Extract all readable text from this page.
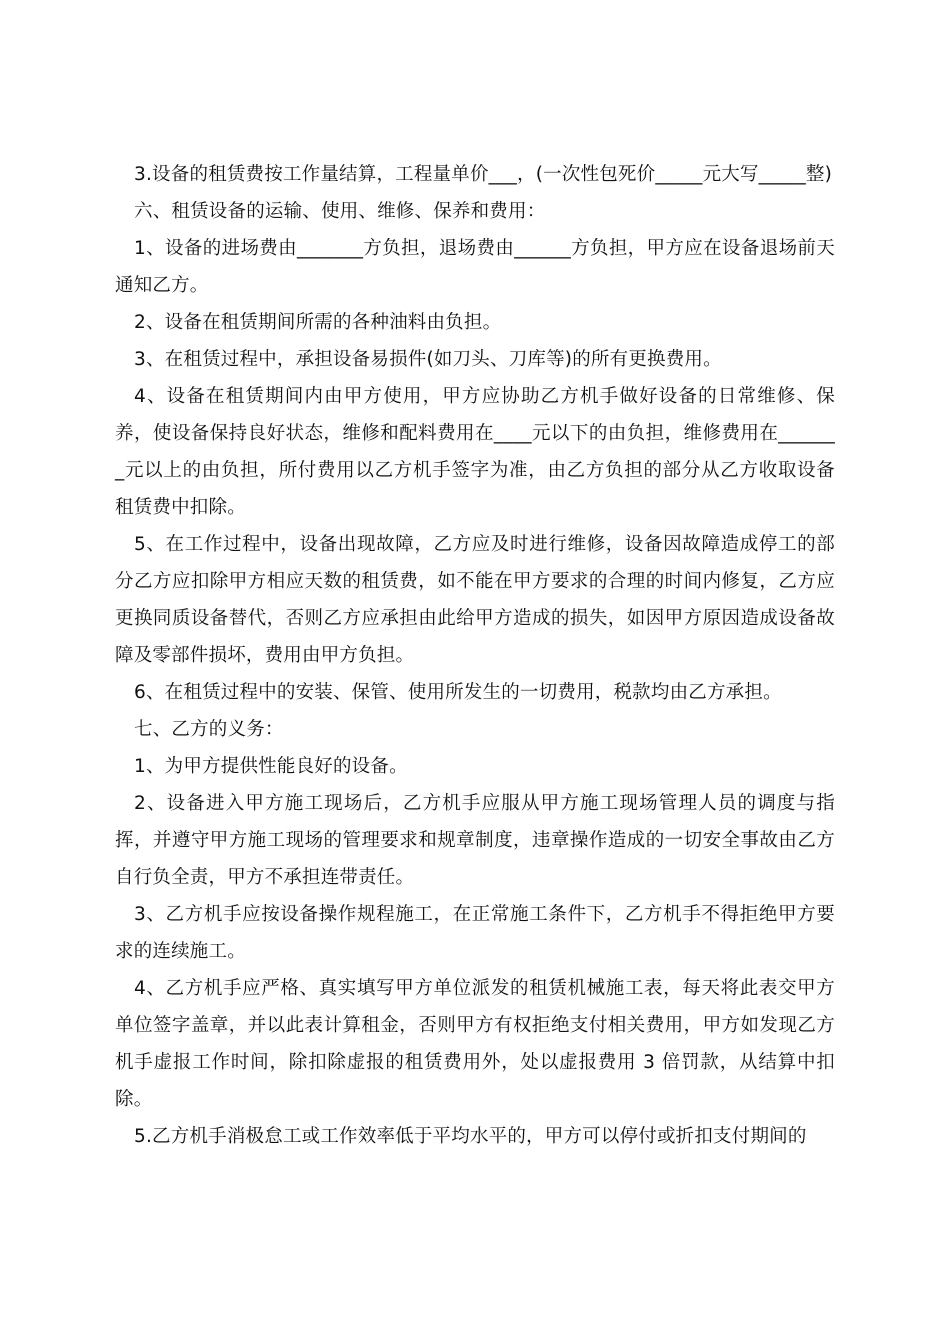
3.设备的租赁费按工作量结算，工程量单价___，(一次性包死价_____元大写_____整)

六、租赁设备的运输、使用、维修、保养和费用：

1、设备的进场费由_______方负担，退场费由______方负担，甲方应在设备退场前天通知乙方。

2、设备在租赁期间所需的各种油料由负担。

3、在租赁过程中，承担设备易损件(如刀头、刀库等)的所有更换费用。

4、设备在租赁期间内由甲方使用，甲方应协助乙方机手做好设备的日常维修、保养，使设备保持良好状态，维修和配料费用在____元以下的由负担，维修费用在_______元以上的由负担，所付费用以乙方机手签字为准，由乙方负担的部分从乙方收取设备租赁费中扣除。

5、在工作过程中，设备出现故障，乙方应及时进行维修，设备因故障造成停工的部分乙方应扣除甲方相应天数的租赁费，如不能在甲方要求的合理的时间内修复，乙方应更换同质设备替代，否则乙方应承担由此给甲方造成的损失，如因甲方原因造成设备故障及零部件损坏，费用由甲方负担。

6、在租赁过程中的安装、保管、使用所发生的一切费用，税款均由乙方承担。

七、乙方的义务：

1、为甲方提供性能良好的设备。

2、设备进入甲方施工现场后，乙方机手应服从甲方施工现场管理人员的调度与指挥，并遵守甲方施工现场的管理要求和规章制度，违章操作造成的一切安全事故由乙方自行负全责，甲方不承担连带责任。

3、乙方机手应按设备操作规程施工，在正常施工条件下，乙方机手不得拒绝甲方要求的连续施工。

4、乙方机手应严格、真实填写甲方单位派发的租赁机械施工表，每天将此表交甲方单位签字盖章，并以此表计算租金，否则甲方有权拒绝支付相关费用，甲方如发现乙方机手虚报工作时间，除扣除虚报的租赁费用外，处以虚报费用 3 倍罚款，从结算中扣除。

5.乙方机手消极怠工或工作效率低于平均水平的，甲方可以停付或折扣支付期间的
